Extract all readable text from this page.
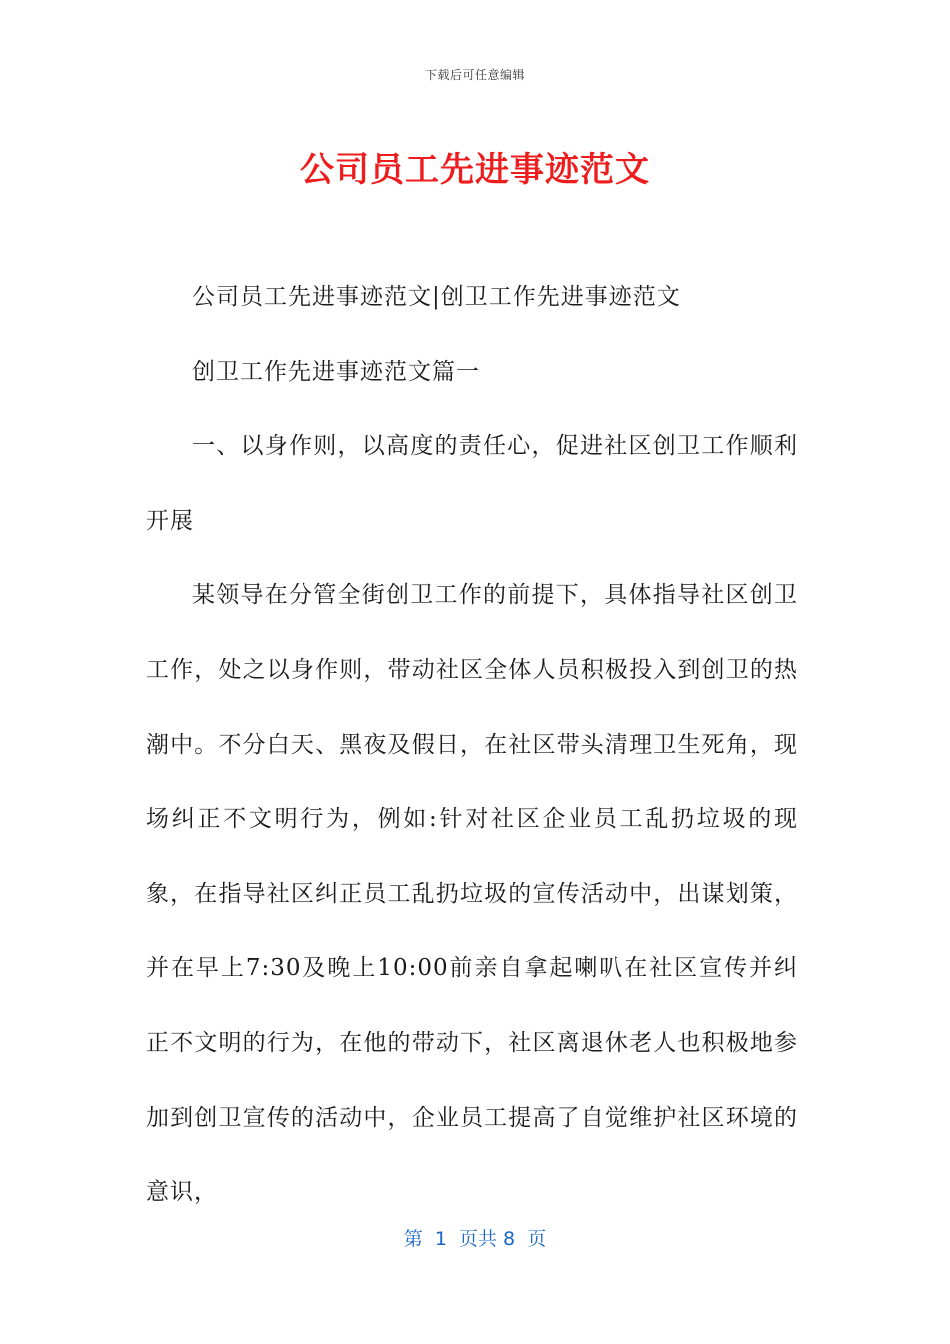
下载后可任意编辑
公司员工先进事迹范文

公司员工先进事迹范文|创卫工作先进事迹范文

创卫工作先进事迹范文篇一

一、以身作则，以高度的责任心，促进社区创卫工作顺利开展

某领导在分管全街创卫工作的前提下，具体指导社区创卫工作，处之以身作则，带动社区全体人员积极投入到创卫的热潮中。不分白天、黑夜及假日，在社区带头清理卫生死角，现场纠正不文明行为，例如:针对社区企业员工乱扔垃圾的现象，在指导社区纠正员工乱扔垃圾的宣传活动中，出谋划策，并在早上7:30及晚上10:00前亲自拿起喇叭在社区宣传并纠正不文明的行为，在他的带动下，社区离退休老人也积极地参加到创卫宣传的活动中，企业员工提高了自觉维护社区环境的意识，

第  1  页共 8  页
